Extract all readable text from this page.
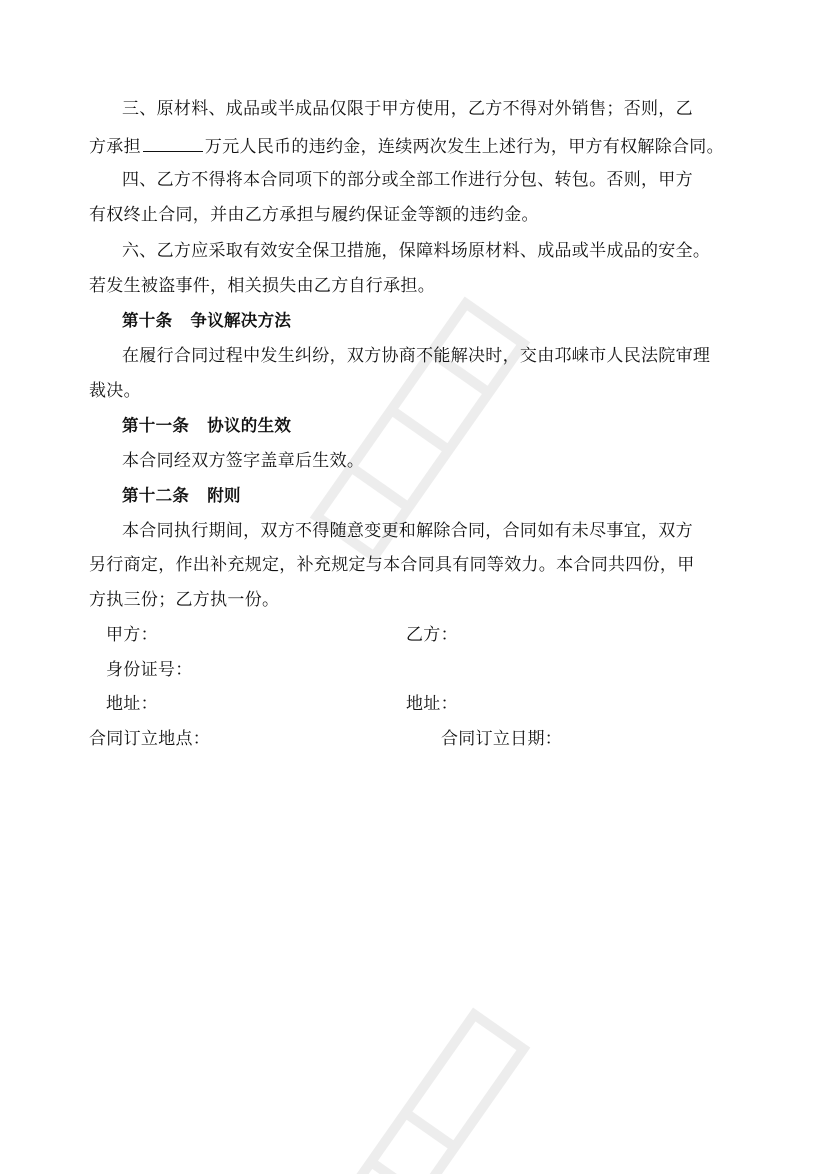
三、原材料、成品或半成品仅限于甲方使用，乙方不得对外销售；否则，乙
方承担	万元人民币的违约金，连续两次发生上述行为，甲方有权解除合同。
四、乙方不得将本合同项下的部分或全部工作进行分包、转包。否则，甲方
有权终止合同，并由乙方承担与履约保证金等额的违约金。
六、乙方应采取有效安全保卫措施，保障料场原材料、成品或半成品的安全。
若发生被盗事件，相关损失由乙方自行承担。
第十条 争议解决方法
在履行合同过程中发生纠纷，双方协商不能解决时，交由邛崃市人民法院审理
裁决。
第十一条 协议的生效
本合同经双方签字盖章后生效。
第十二条 附则
本合同执行期间，双方不得随意变更和解除合同，合同如有未尽事宜，双方
另行商定，作出补充规定，补充规定与本合同具有同等效力。本合同共四份，甲
方执三份；乙方执一份。
甲方：	乙方：
身份证号：
地址：	地址：
合同订立地点：	合同订立日期：
